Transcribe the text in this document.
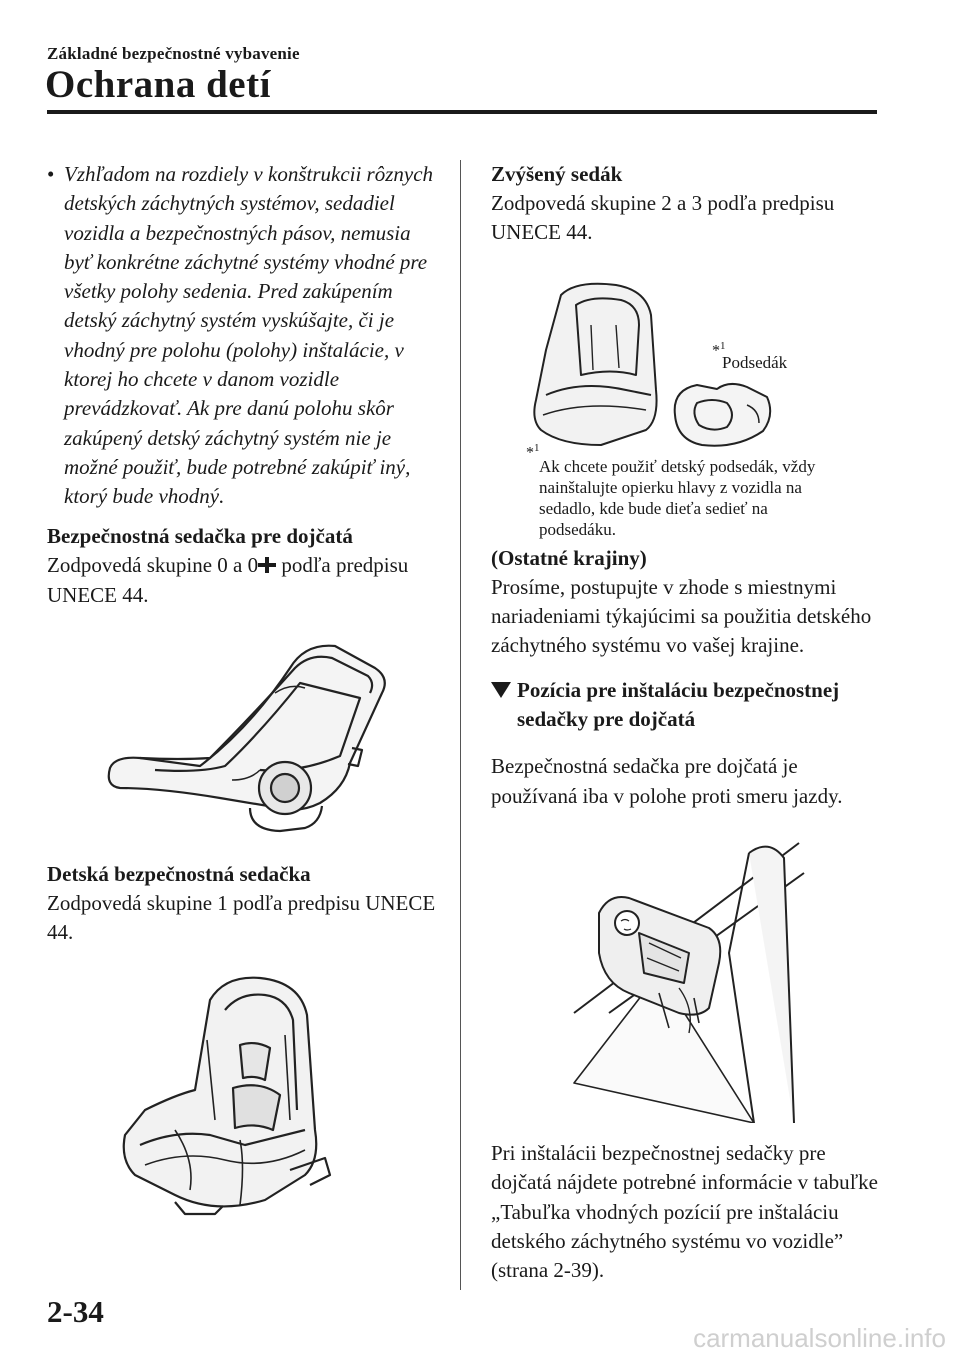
Základné bezpečnostné vybavenie
Ochrana detí
• Vzhľadom na rozdiely v konštrukcii rôznych detských záchytných systémov, sedadiel vozidla a bezpečnostných pásov, nemusia byť konkrétne záchytné systémy vhodné pre všetky polohy sedenia. Pred zakúpením detský záchytný systém vyskúšajte, či je vhodný pre polohu (polohy) inštalácie, v ktorej ho chcete v danom vozidle prevádzkovať. Ak pre danú polohu skôr zakúpený detský záchytný systém nie je možné použiť, bude potrebné zakúpiť iný, ktorý bude vhodný.
Bezpečnostná sedačka pre dojčatá
Zodpovedá skupine 0 a 0 podľa predpisu UNECE 44.
Detská bezpečnostná sedačka
Zodpovedá skupine 1 podľa predpisu UNECE 44.
Zvýšený sedák
Zodpovedá skupine 2 a 3 podľa predpisu UNECE 44.
*$^1$
Podsedák
*$^1$
Ak chcete použiť detský podsedák, vždy nainštalujte opierku hlavy z vozidla na sedadlo, kde bude dieťa sedieť na podsedáku.
(Ostatné krajiny)
Prosíme, postupujte v zhode s miestnymi nariadeniami týkajúcimi sa použitia detského záchytného systému vo vašej krajine.
Pozícia pre inštaláciu bezpečnostnej sedačky pre dojčatá
Bezpečnostná sedačka pre dojčatá je používaná iba v polohe proti smeru jazdy.
Pri inštalácii bezpečnostnej sedačky pre dojčatá nájdete potrebné informácie v tabuľke „Tabuľka vhodných pozícií pre inštaláciu detského záchytného systému vo vozidle” (strana 2-39).
2-34
carmanualsonline.info
